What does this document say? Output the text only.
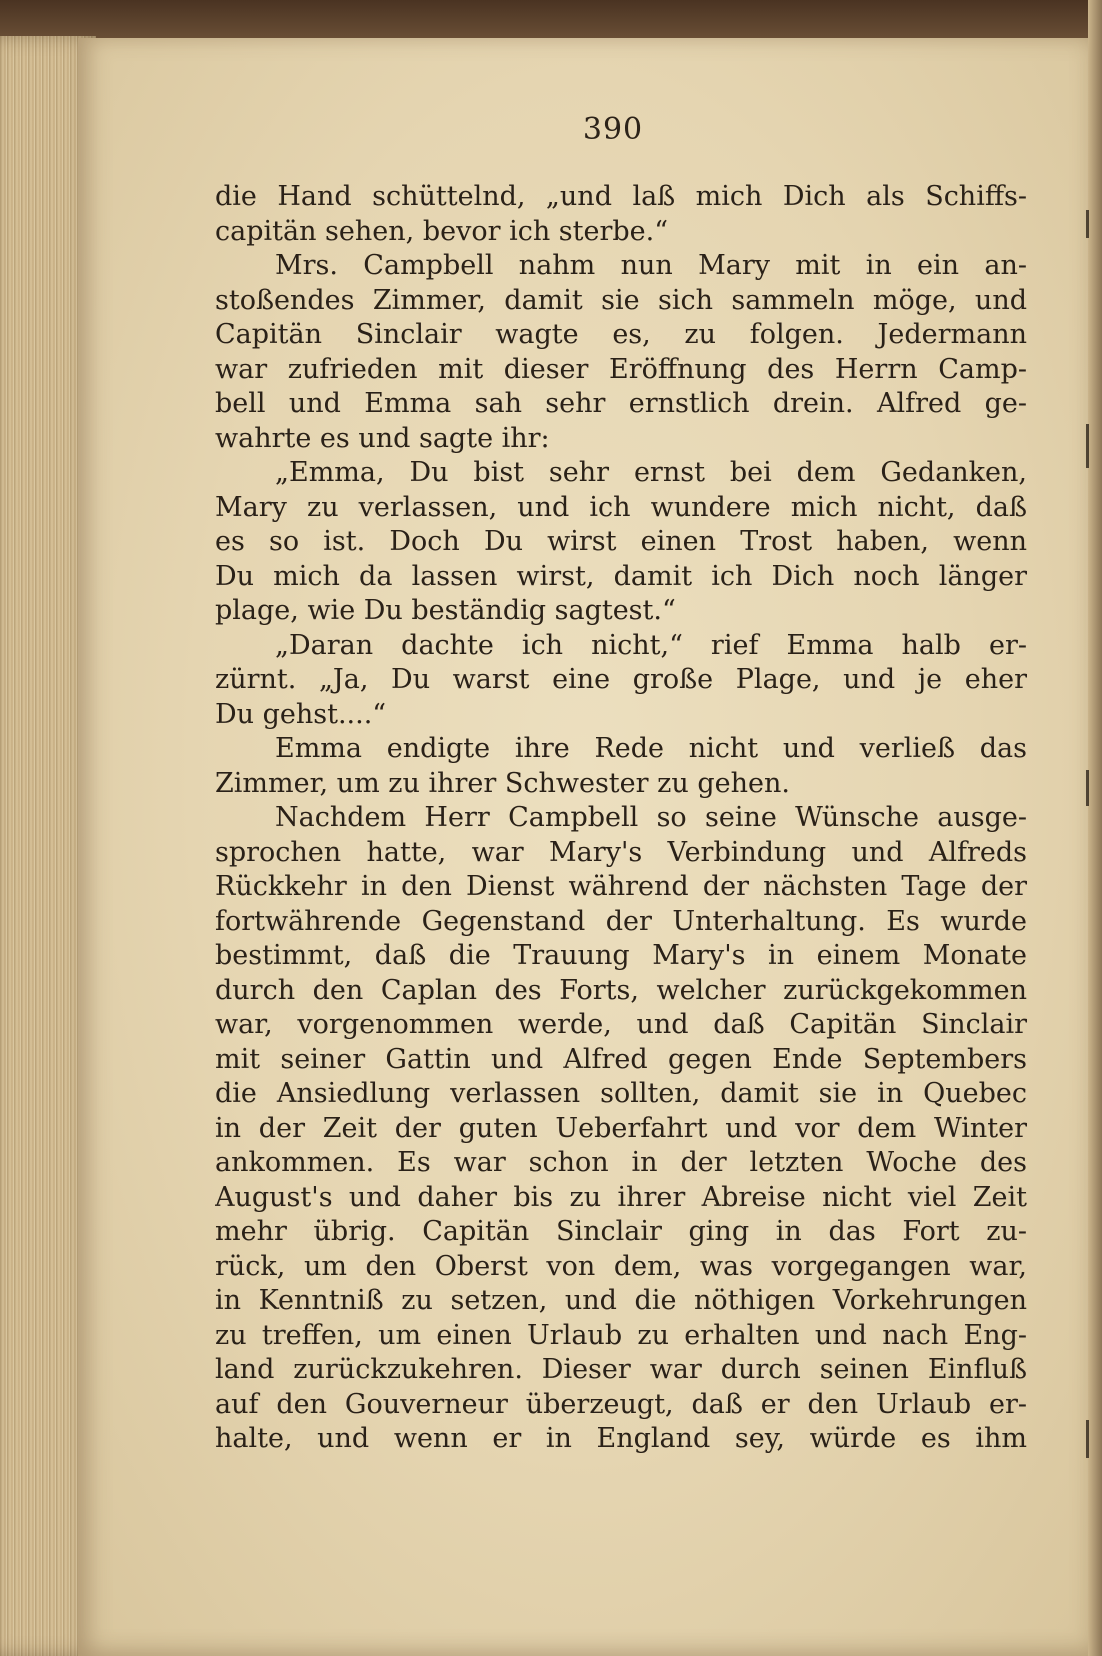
390
die Hand schüttelnd, „und laß mich Dich als Schiffs-
capitän sehen, bevor ich sterbe.“
Mrs. Campbell nahm nun Mary mit in ein an-
stoßendes Zimmer, damit sie sich sammeln möge, und
Capitän Sinclair wagte es, zu folgen. Jedermann
war zufrieden mit dieser Eröffnung des Herrn Camp-
bell und Emma sah sehr ernstlich drein. Alfred ge-
wahrte es und sagte ihr:
„Emma, Du bist sehr ernst bei dem Gedanken,
Mary zu verlassen, und ich wundere mich nicht, daß
es so ist. Doch Du wirst einen Trost haben, wenn
Du mich da lassen wirst, damit ich Dich noch länger
plage, wie Du beständig sagtest.“
„Daran dachte ich nicht,“ rief Emma halb er-
zürnt. „Ja, Du warst eine große Plage, und je eher
Du gehst....“
Emma endigte ihre Rede nicht und verließ das
Zimmer, um zu ihrer Schwester zu gehen.
Nachdem Herr Campbell so seine Wünsche ausge-
sprochen hatte, war Mary's Verbindung und Alfreds
Rückkehr in den Dienst während der nächsten Tage der
fortwährende Gegenstand der Unterhaltung. Es wurde
bestimmt, daß die Trauung Mary's in einem Monate
durch den Caplan des Forts, welcher zurückgekommen
war, vorgenommen werde, und daß Capitän Sinclair
mit seiner Gattin und Alfred gegen Ende Septembers
die Ansiedlung verlassen sollten, damit sie in Quebec
in der Zeit der guten Ueberfahrt und vor dem Winter
ankommen. Es war schon in der letzten Woche des
August's und daher bis zu ihrer Abreise nicht viel Zeit
mehr übrig. Capitän Sinclair ging in das Fort zu-
rück, um den Oberst von dem, was vorgegangen war,
in Kenntniß zu setzen, und die nöthigen Vorkehrungen
zu treffen, um einen Urlaub zu erhalten und nach Eng-
land zurückzukehren. Dieser war durch seinen Einfluß
auf den Gouverneur überzeugt, daß er den Urlaub er-
halte, und wenn er in England sey, würde es ihm
